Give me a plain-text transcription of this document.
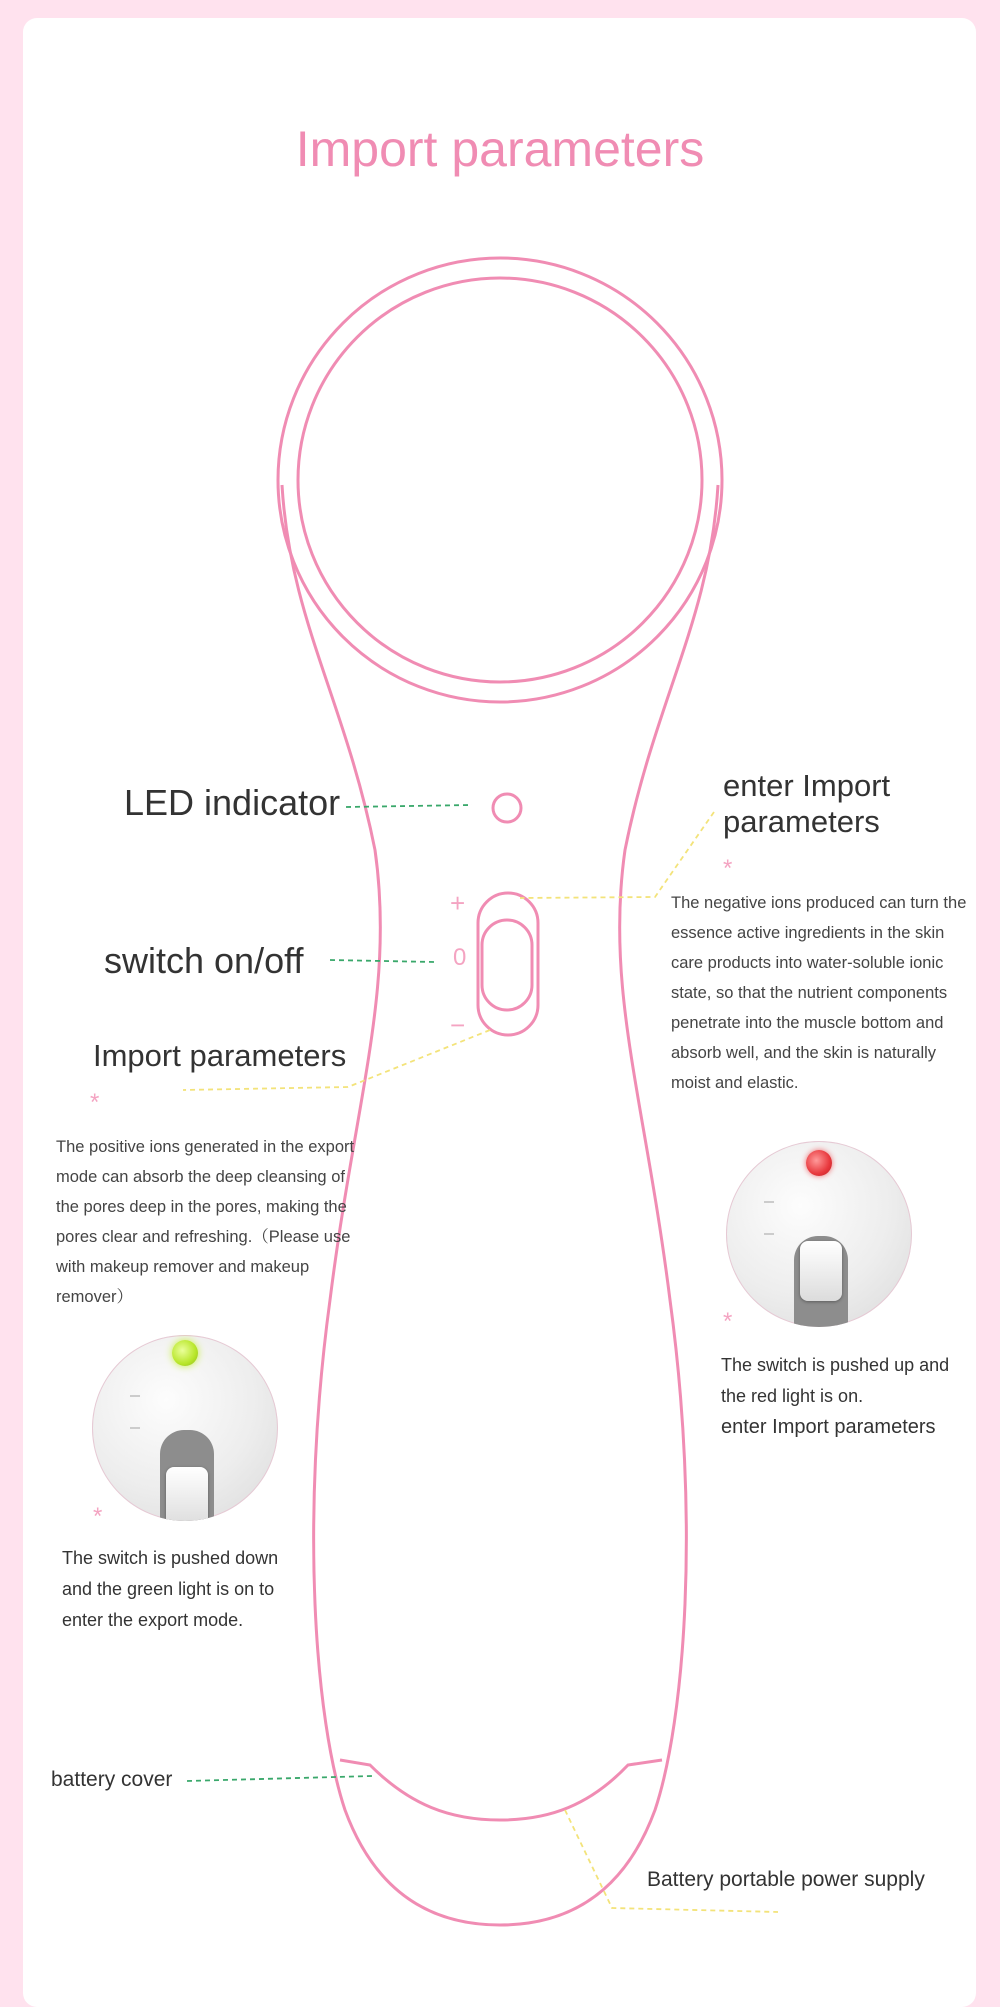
Import parameters
+
0
−
LED indicator
switch on/off
Import parameters
*
The positive ions generated in the export
mode can absorb the deep cleansing of
the pores deep in the pores, making the
pores clear and refreshing.（Please use
with makeup remover and makeup
remover）
*
The switch is pushed down
and the green light is on to
enter the export mode.
enter Import
parameters
*
The negative ions produced can turn the
essence active ingredients in the skin
care products into water-soluble ionic
state, so that the nutrient components
penetrate into the muscle bottom and
absorb well, and the skin is naturally
moist and elastic.
*
The switch is pushed up and
the red light is on.
enter Import parameters
battery cover
Battery portable power supply
